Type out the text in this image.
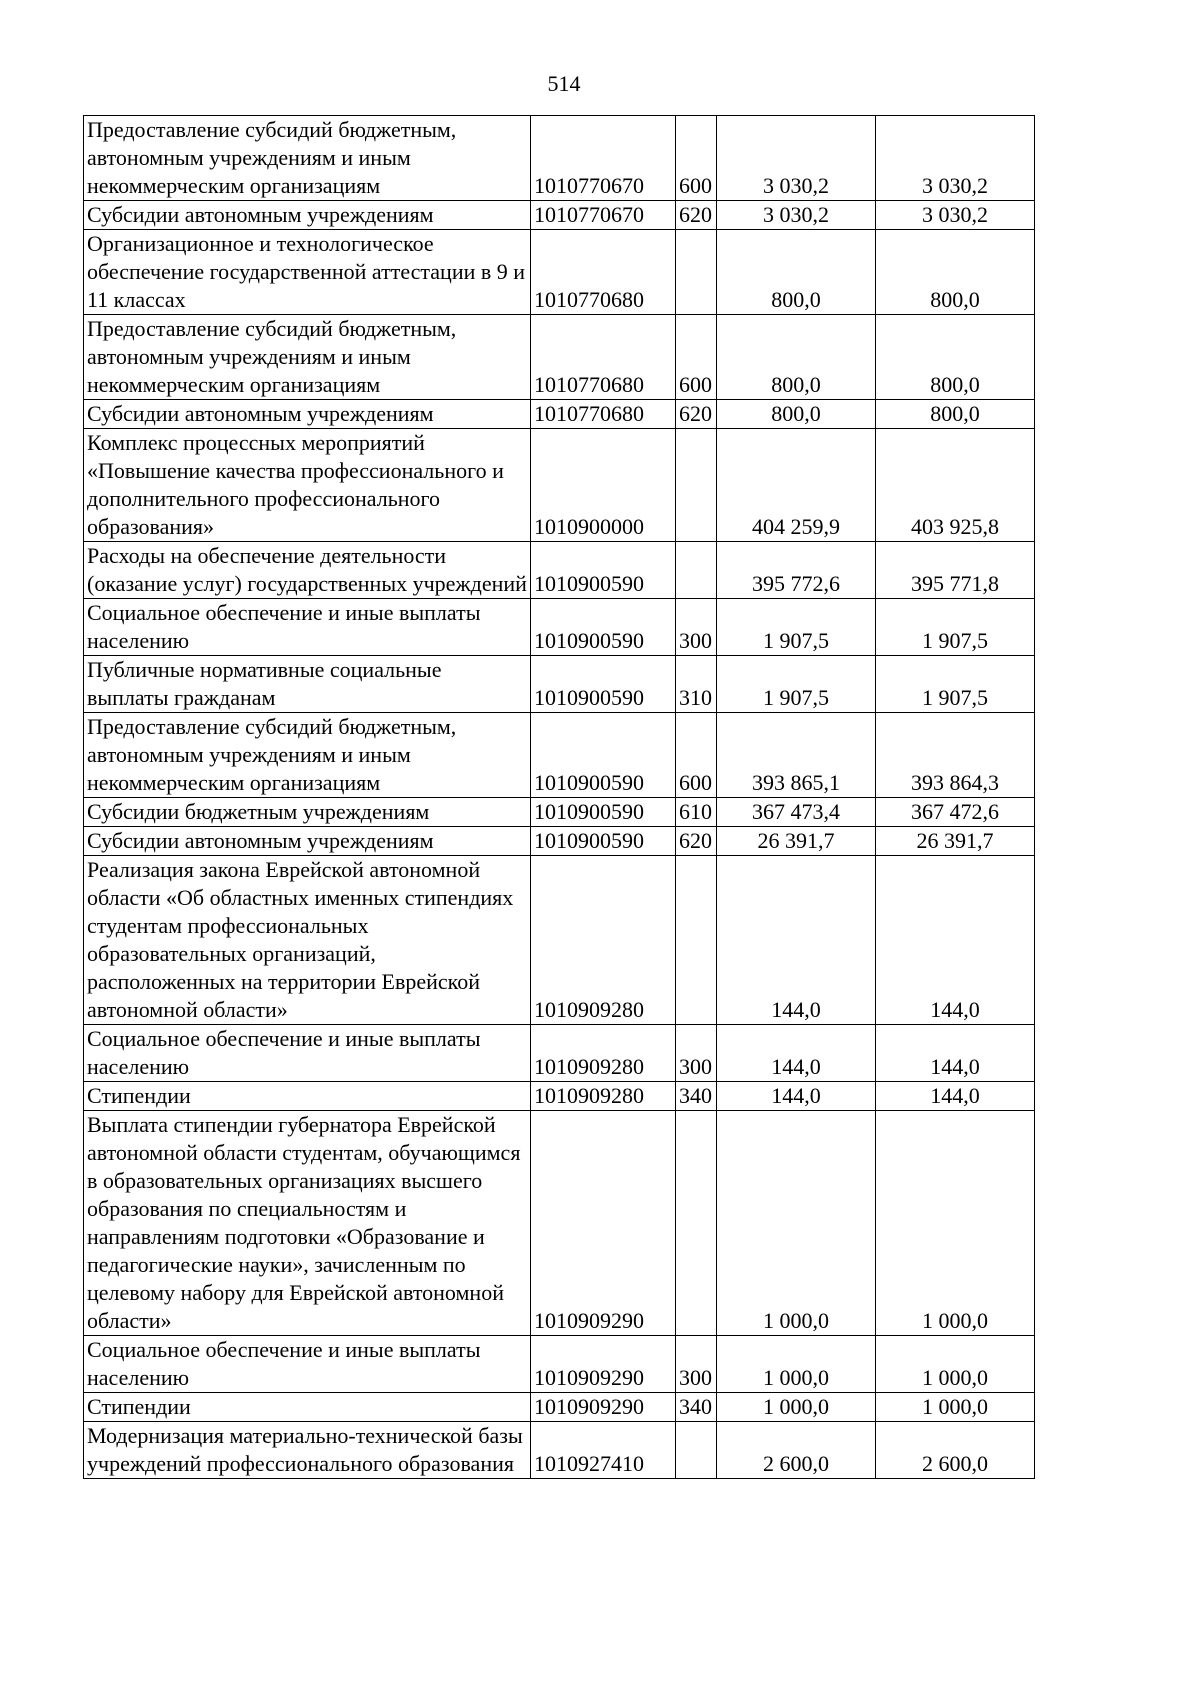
514
Предоставление субсидий бюджетным, автономным учреждениям и иным некоммерческим организациям	1010770670	600	3 030,2	3 030,2
Субсидии автономным учреждениям	1010770670	620	3 030,2	3 030,2
Организационное и технологическое обеспечение государственной аттестации в 9 и 11 классах	1010770680		800,0	800,0
Предоставление субсидий бюджетным, автономным учреждениям и иным некоммерческим организациям	1010770680	600	800,0	800,0
Субсидии автономным учреждениям	1010770680	620	800,0	800,0
Комплекс процессных мероприятий «Повышение качества профессионального и дополнительного профессионального образования»	1010900000		404 259,9	403 925,8
Расходы на обеспечение деятельности (оказание услуг) государственных учреждений	1010900590		395 772,6	395 771,8
Социальное обеспечение и иные выплаты населению	1010900590	300	1 907,5	1 907,5
Публичные нормативные социальные выплаты гражданам	1010900590	310	1 907,5	1 907,5
Предоставление субсидий бюджетным, автономным учреждениям и иным некоммерческим организациям	1010900590	600	393 865,1	393 864,3
Субсидии бюджетным учреждениям	1010900590	610	367 473,4	367 472,6
Субсидии автономным учреждениям	1010900590	620	26 391,7	26 391,7
Реализация закона Еврейской автономной области «Об областных именных стипендиях студентам профессиональных образовательных организаций, расположенных на территории Еврейской автономной области»	1010909280		144,0	144,0
Социальное обеспечение и иные выплаты населению	1010909280	300	144,0	144,0
Стипендии	1010909280	340	144,0	144,0
Выплата стипендии губернатора Еврейской автономной области студентам, обучающимся в образовательных организациях высшего образования по специальностям и направлениям подготовки «Образование и педагогические науки», зачисленным по целевому набору для Еврейской автономной области»	1010909290		1 000,0	1 000,0
Социальное обеспечение и иные выплаты населению	1010909290	300	1 000,0	1 000,0
Стипендии	1010909290	340	1 000,0	1 000,0
Модернизация материально-технической базы учреждений профессионального образования	1010927410		2 600,0	2 600,0
